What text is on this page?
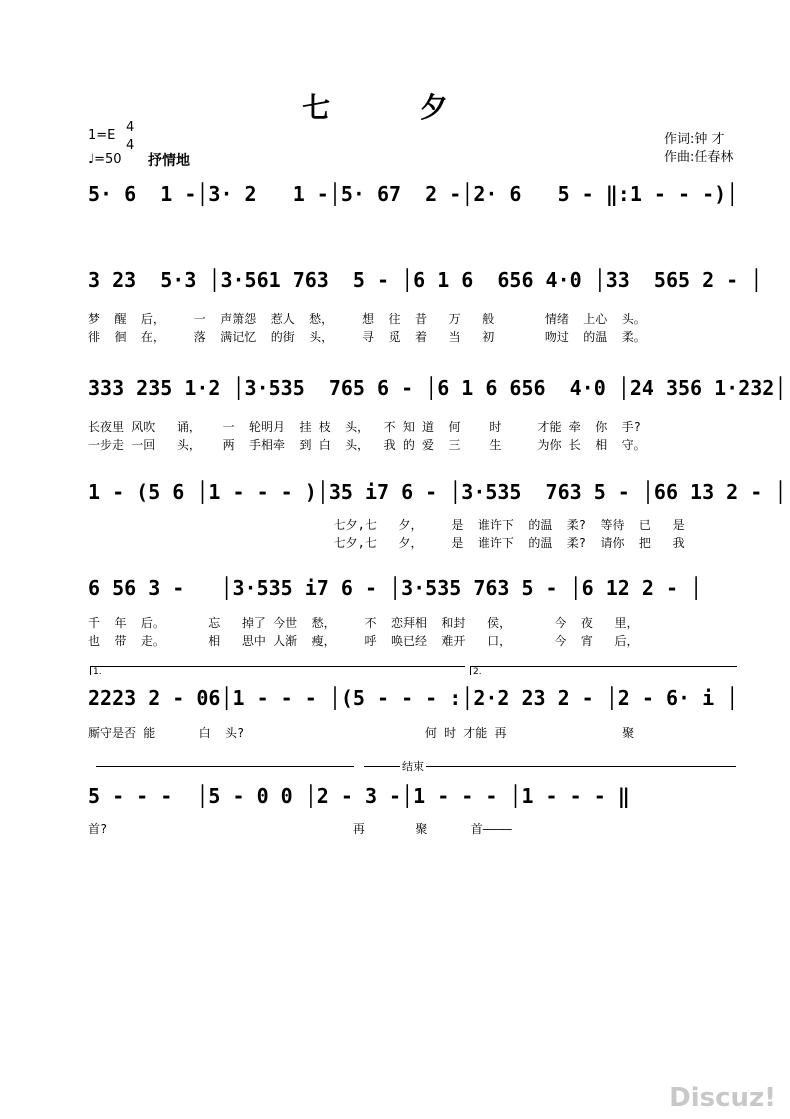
七 夕
1=E
4
4
♩=50 抒情地
作词:钟 才
作曲:任春林
5· 6  1 -│3· 2   1 -│5· 67  2 -│2· 6   5 - ‖:1 - - -)│
3 23  5·3 │3·561 763  5 - │6 1 6  656 4·0 │33  565 2 - │
梦  醒  后，    一  声箫怨  惹人  愁，    想  往  昔   万   般       情绪  上心  头。
徘  徊  在，    落  满记忆  的街  头，    寻  觅  着   当   初       吻过  的温  柔。
333 235 1·2 │3·535  765 6 - │6 1 6 656  4·0 │24 356 1·232│
长夜里 风吹   诵，   一  轮明月  挂 枝  头，  不 知 道  何    时     才能 牵  你  手?
一步走 一回   头，   两  手相牵  到 白  头，  我 的 爱  三    生     为你 长  相  守。
1 - (5 6 │1 - - - )│35 i7 6 - │3·535  763 5 - │66 13 2 - │
七夕,七   夕，    是  谁许下  的温  柔?  等待  已   是
七夕,七   夕，    是  谁许下  的温  柔?  请你  把   我
6 56 3 -   │3·535 i7 6 - │3·535 763 5 - │6 12 2 - │
千  年  后。      忘   掉了 今世  愁，    不  恋拜相  和封   侯，      今  夜   里，
也  带  走。      相   思中 人渐  瘦，    呼  唤已经  难开   口，      今  宵   后，
1.	2.
2223 2 - 06│1 - - - │(5 - - - :│2·2 23 2 - │2 - 6· i │
厮守是否 能      白  头?                         何 时 才能 再                聚
结束
5 - - -  │5 - 0 0 │2 - 3 -│1 - - - │1 - - - ‖
首?                                  再       聚      首————
Discuz!
